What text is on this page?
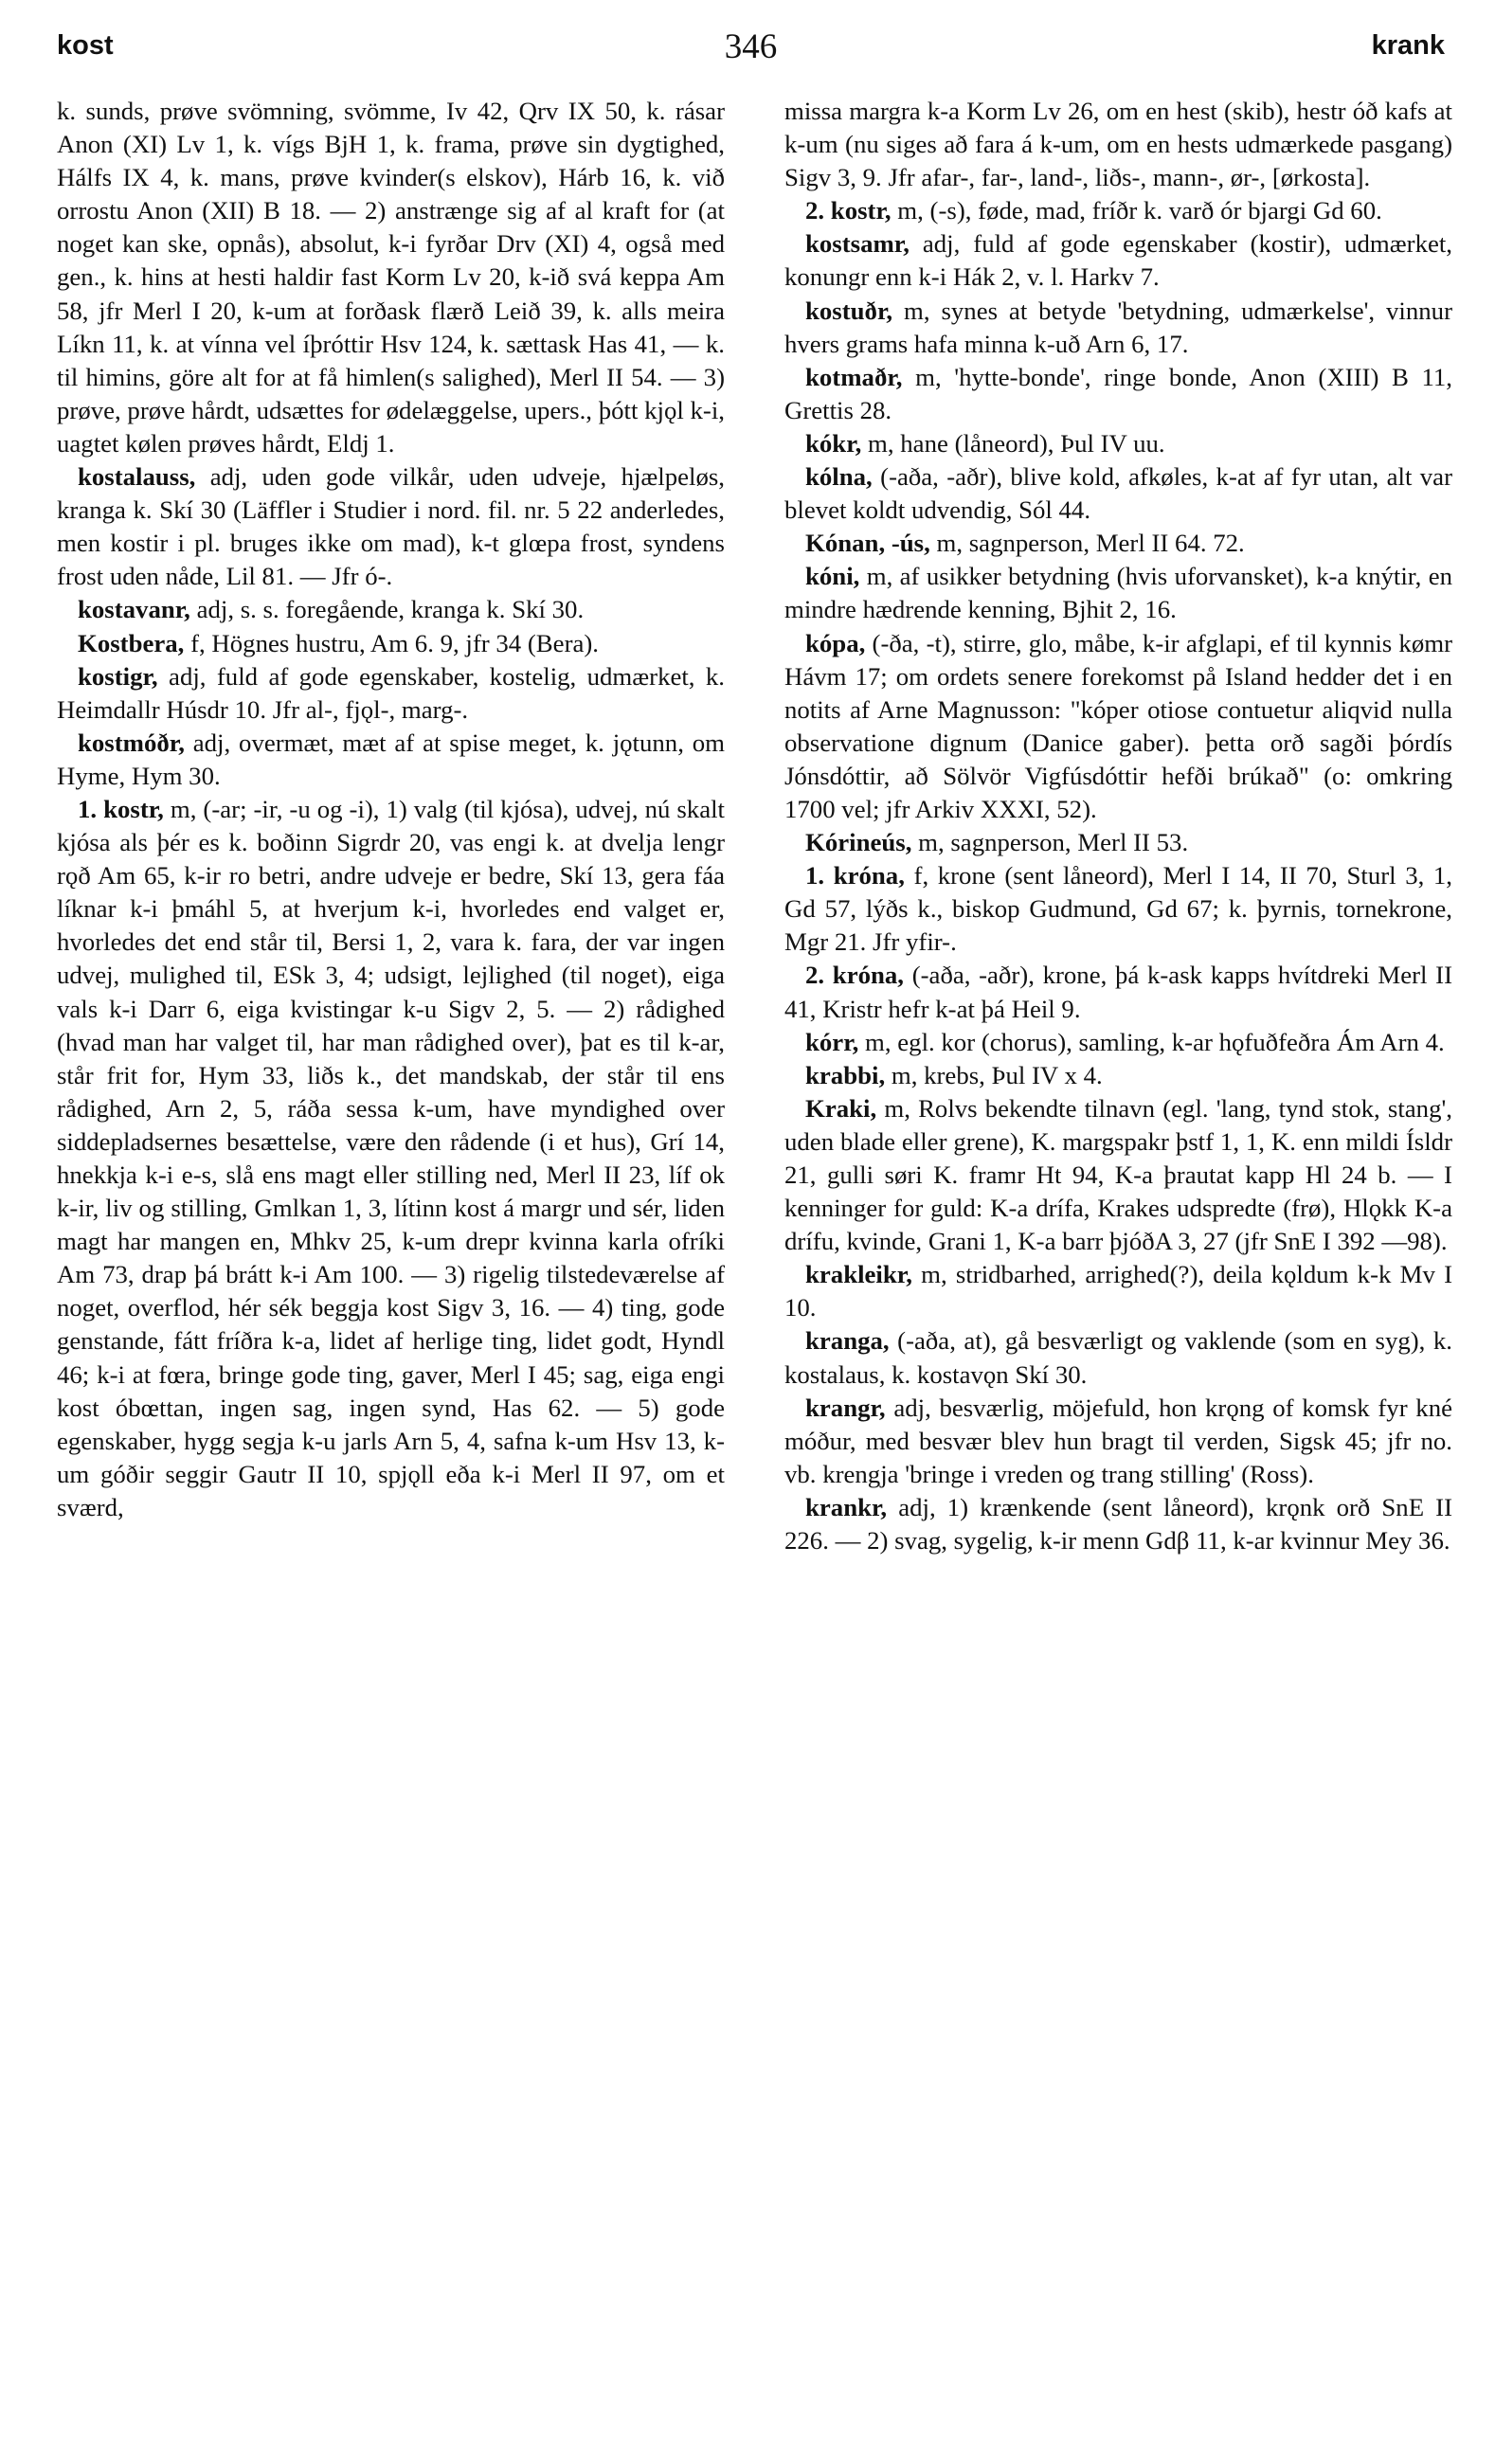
kost	346	krank

k. sunds, prøve svömning, svömme, Iv 42, Qrv IX 50, k. rásar Anon (XI) Lv 1, k. vígs BjH 1, k. frama, prøve sin dygtighed, Hálfs IX 4, k. mans, prøve kvinder(s elskov), Hárb 16, k. við orrostu Anon (XII) B 18. — 2) anstrænge sig af al kraft for (at noget kan ske, opnås), absolut, k-i fyrðar Drv (XI) 4, også med gen., k. hins at hesti haldir fast Korm Lv 20, k-ið svá keppa Am 58, jfr Merl I 20, k-um at forðask flærð Leið 39, k. alls meira Líkn 11, k. at vínna vel íþróttir Hsv 124, k. sættask Has 41, — k. til himins, göre alt for at få himlen(s salighed), Merl II 54. — 3) prøve, prøve hårdt, udsættes for ødelæggelse, upers., þótt kjǫl k-i, uagtet kølen prøves hårdt, Eldj 1.

kostalauss, adj, uden gode vilkår, uden udveje, hjælpeløs, kranga k. Skí 30 (Läffler i Studier i nord. fil. nr. 5 22 anderledes, men kostir i pl. bruges ikke om mad), k-t glœpa frost, syndens frost uden nåde, Lil 81. — Jfr ó-.

kostavanr, adj, s. s. foregående, kranga k. Skí 30.

Kostbera, f, Högnes hustru, Am 6. 9, jfr 34 (Bera).

kostigr, adj, fuld af gode egenskaber, kostelig, udmærket, k. Heimdallr Húsdr 10. Jfr al-, fjǫl-, marg-.

kostmóðr, adj, overmæt, mæt af at spise meget, k. jǫtunn, om Hyme, Hym 30.

1. kostr, m, (-ar; -ir, -u og -i), 1) valg (til kjósa), udvej, nú skalt kjósa als þér es k. boðinn Sigrdr 20, vas engi k. at dvelja lengr rǫð Am 65, k-ir ro betri, andre udveje er bedre, Skí 13, gera fáa líknar k-i þmáhl 5, at hverjum k-i, hvorledes end valget er, hvorledes det end står til, Bersi 1, 2, vara k. fara, der var ingen udvej, mulighed til, ESk 3, 4; udsigt, lejlighed (til noget), eiga vals k-i Darr 6, eiga kvistingar k-u Sigv 2, 5. — 2) rådighed (hvad man har valget til, har man rådighed over), þat es til k-ar, står frit for, Hym 33, liðs k., det mandskab, der står til ens rådighed, Arn 2, 5, ráða sessa k-um, have myndighed over siddepladsernes besættelse, være den rådende (i et hus), Grí 14, hnekkja k-i e-s, slå ens magt eller stilling ned, Merl II 23, líf ok k-ir, liv og stilling, Gmlkan 1, 3, lítinn kost á margr und sér, liden magt har mangen en, Mhkv 25, k-um drepr kvinna karla ofríki Am 73, drap þá brátt k-i Am 100. — 3) rigelig tilstedeværelse af noget, overflod, hér sék beggja kost Sigv 3, 16. — 4) ting, gode genstande, fátt fríðra k-a, lidet af herlige ting, lidet godt, Hyndl 46; k-i at fœra, bringe gode ting, gaver, Merl I 45; sag, eiga engi kost óbœttan, ingen sag, ingen synd, Has 62. — 5) gode egenskaber, hygg segja k-u jarls Arn 5, 4, safna k-um Hsv 13, k-um góðir seggir Gautr II 10, spjǫll eða k-i Merl II 97, om et sværd,

missa margra k-a Korm Lv 26, om en hest (skib), hestr óð kafs at k-um (nu siges að fara á k-um, om en hests udmærkede pasgang) Sigv 3, 9. Jfr afar-, far-, land-, liðs-, mann-, ør-, [ørkosta].

2. kostr, m, (-s), føde, mad, fríðr k. varð ór bjargi Gd 60.

kostsamr, adj, fuld af gode egenskaber (kostir), udmærket, konungr enn k-i Hák 2, v. l. Harkv 7.

kostuðr, m, synes at betyde 'betydning, udmærkelse', vinnur hvers grams hafa minna k-uð Arn 6, 17.

kotmaðr, m, 'hytte-bonde', ringe bonde, Anon (XIII) B 11, Grettis 28.

kókr, m, hane (låneord), Þul IV uu.

kólna, (-aða, -aðr), blive kold, afkøles, k-at af fyr utan, alt var blevet koldt udvendig, Sól 44.

Kónan, -ús, m, sagnperson, Merl II 64. 72.

kóni, m, af usikker betydning (hvis uforvansket), k-a knýtir, en mindre hædrende kenning, Bjhit 2, 16.

kópa, (-ða, -t), stirre, glo, måbe, k-ir afglapi, ef til kynnis kømr Hávm 17; om ordets senere forekomst på Island hedder det i en notits af Arne Magnusson: "kóper otiose contuetur aliqvid nulla observatione dignum (Danice gaber). þetta orð sagði þórdís Jónsdóttir, að Sölvör Vigfúsdóttir hefði brúkað" (o: omkring 1700 vel; jfr Arkiv XXXI, 52).

Kórineús, m, sagnperson, Merl II 53.

1. króna, f, krone (sent låneord), Merl I 14, II 70, Sturl 3, 1, Gd 57, lýðs k., biskop Gudmund, Gd 67; k. þyrnis, tornekrone, Mgr 21. Jfr yfir-.

2. króna, (-aða, -aðr), krone, þá k-ask kapps hvítdreki Merl II 41, Kristr hefr k-at þá Heil 9.

kórr, m, egl. kor (chorus), samling, k-ar hǫfuðfeðra Ám Arn 4.

krabbi, m, krebs, Þul IV x 4.

Kraki, m, Rolvs bekendte tilnavn (egl. 'lang, tynd stok, stang', uden blade eller grene), K. margspakr þstf 1, 1, K. enn mildi Ísldr 21, gulli søri K. framr Ht 94, K-a þrautat kapp Hl 24 b. — I kenninger for guld: K-a drífa, Krakes udspredte (frø), Hlǫkk K-a drífu, kvinde, Grani 1, K-a barr þjóðA 3, 27 (jfr SnE I 392 —98).

krakleikr, m, stridbarhed, arrighed(?), deila kǫldum k-k Mv I 10.

kranga, (-aða, at), gå besværligt og vaklende (som en syg), k. kostalaus, k. kostavǫn Skí 30.

krangr, adj, besværlig, möjefuld, hon krǫng of komsk fyr kné móður, med besvær blev hun bragt til verden, Sigsk 45; jfr no. vb. krengja 'bringe i vreden og trang stilling' (Ross).

krankr, adj, 1) krænkende (sent låneord), krǫnk orð SnE II 226. — 2) svag, sygelig, k-ir menn Gdβ 11, k-ar kvinnur Mey 36.
